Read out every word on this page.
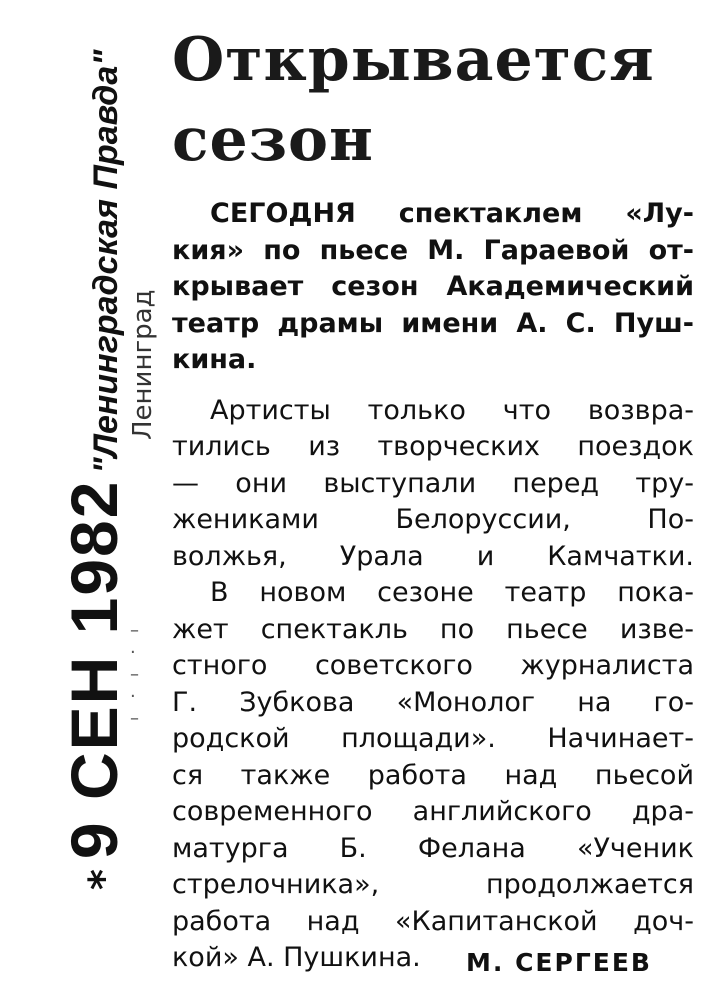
*
9 СЕН 1982
"Ленинградская Правда" Ленинград
–
·
–
·
–
Открывается
сезон
СЕГОДНЯ спектаклем «Лу-
кия» по пьесе М. Гараевой от-
крывает сезон Академический
театр драмы имени А. С. Пуш-
кина.
Артисты только что возвра-
тились из творческих поездок
— они выступали перед тру-
жениками Белоруссии, По-
волжья, Урала и Камчатки.
В новом сезоне театр пока-
жет спектакль по пьесе изве-
стного советского журналиста
Г. Зубкова «Монолог на го-
родской площади». Начинает-
ся также работа над пьесой
современного английского дра-
матурга Б. Фелана «Ученик
стрелочника», продолжается
работа над «Капитанской доч-
кой» А. Пушкина.	М. СЕРГЕЕВ
